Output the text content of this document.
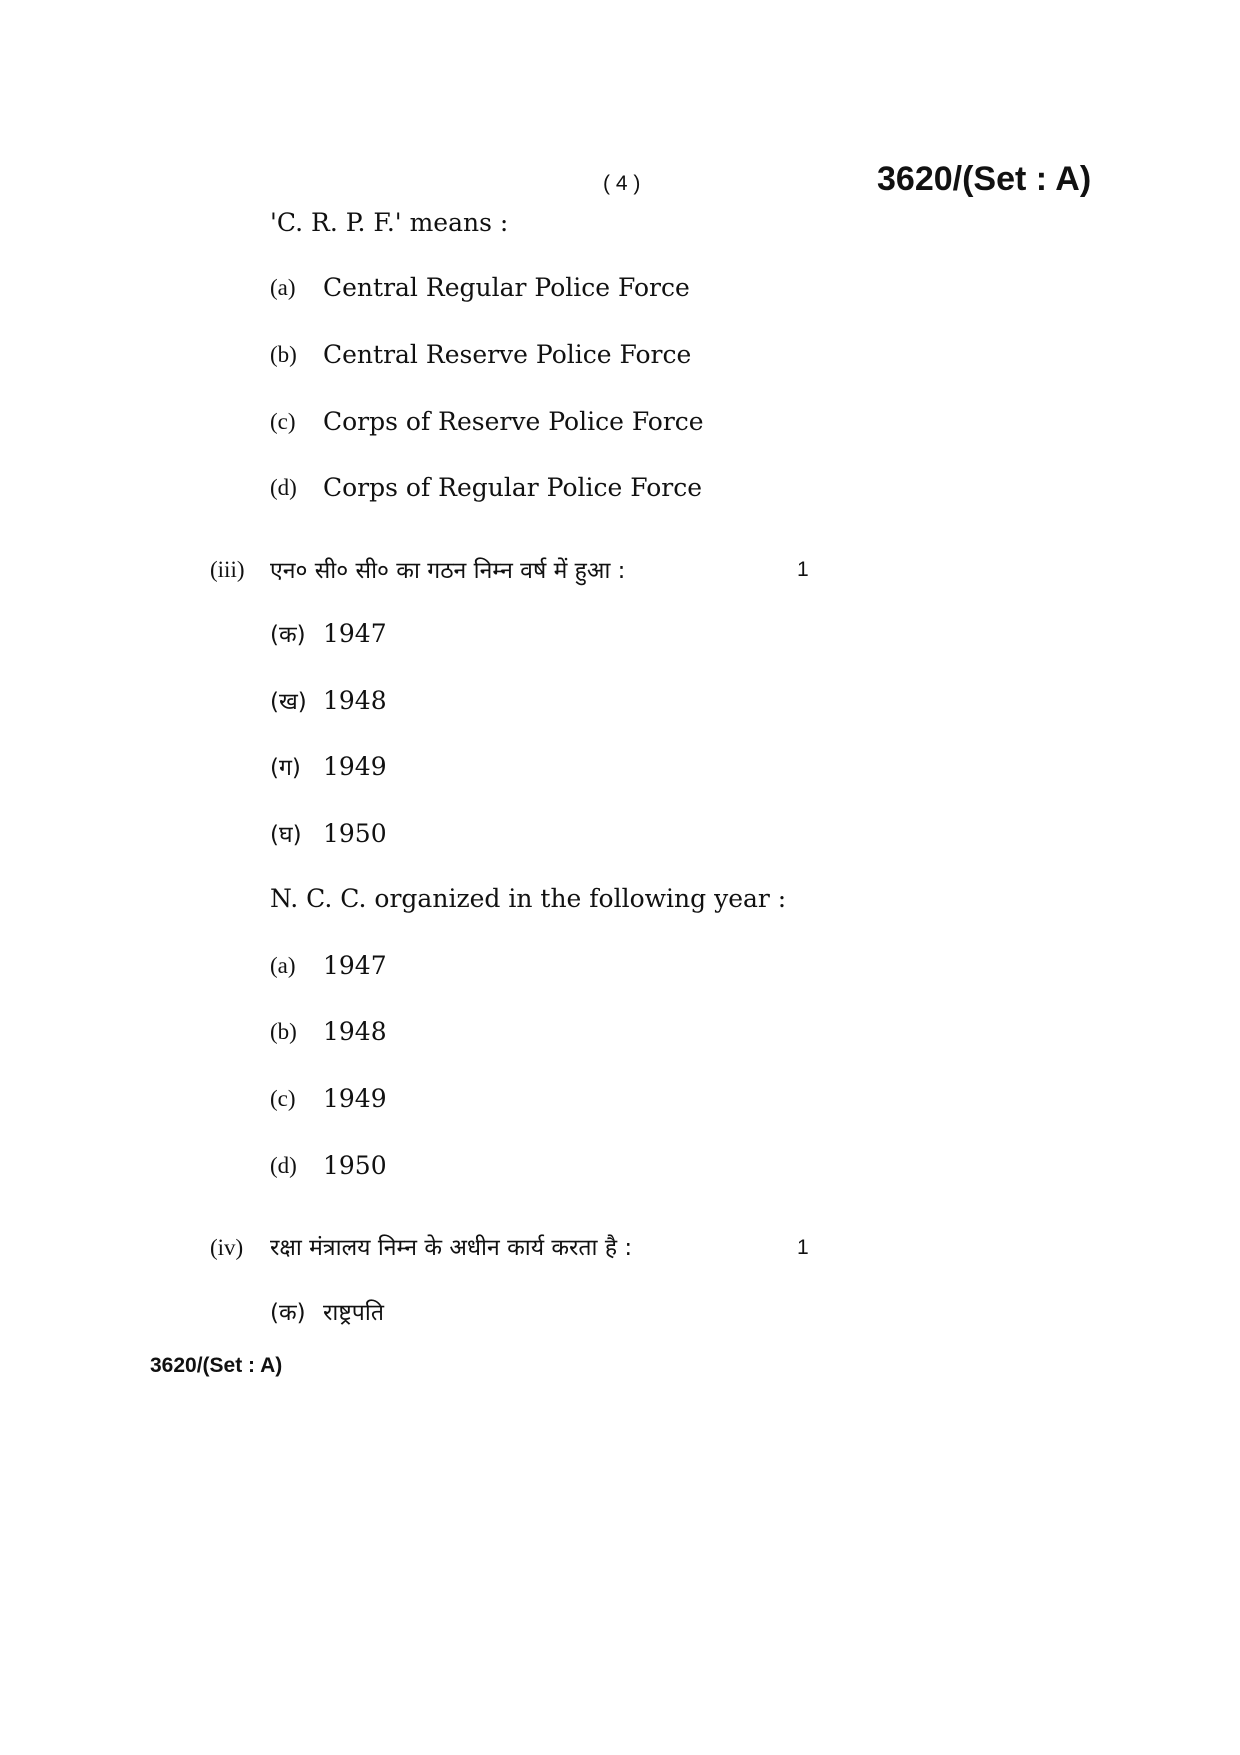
( 4 )	3620/(Set : A)
'C. R. P. F.' means :
(a) Central Regular Police Force
(b) Central Reserve Police Force
(c) Corps of Reserve Police Force
(d) Corps of Regular Police Force
(iii) एन० सी० सी० का गठन निम्न वर्ष में हुआ :	1
(क) 1947
(ख) 1948
(ग) 1949
(घ) 1950
N. C. C. organized in the following year :
(a) 1947
(b) 1948
(c) 1949
(d) 1950
(iv) रक्षा मंत्रालय निम्न के अधीन कार्य करता है :	1
(क) राष्ट्रपति
3620/(Set : A)
